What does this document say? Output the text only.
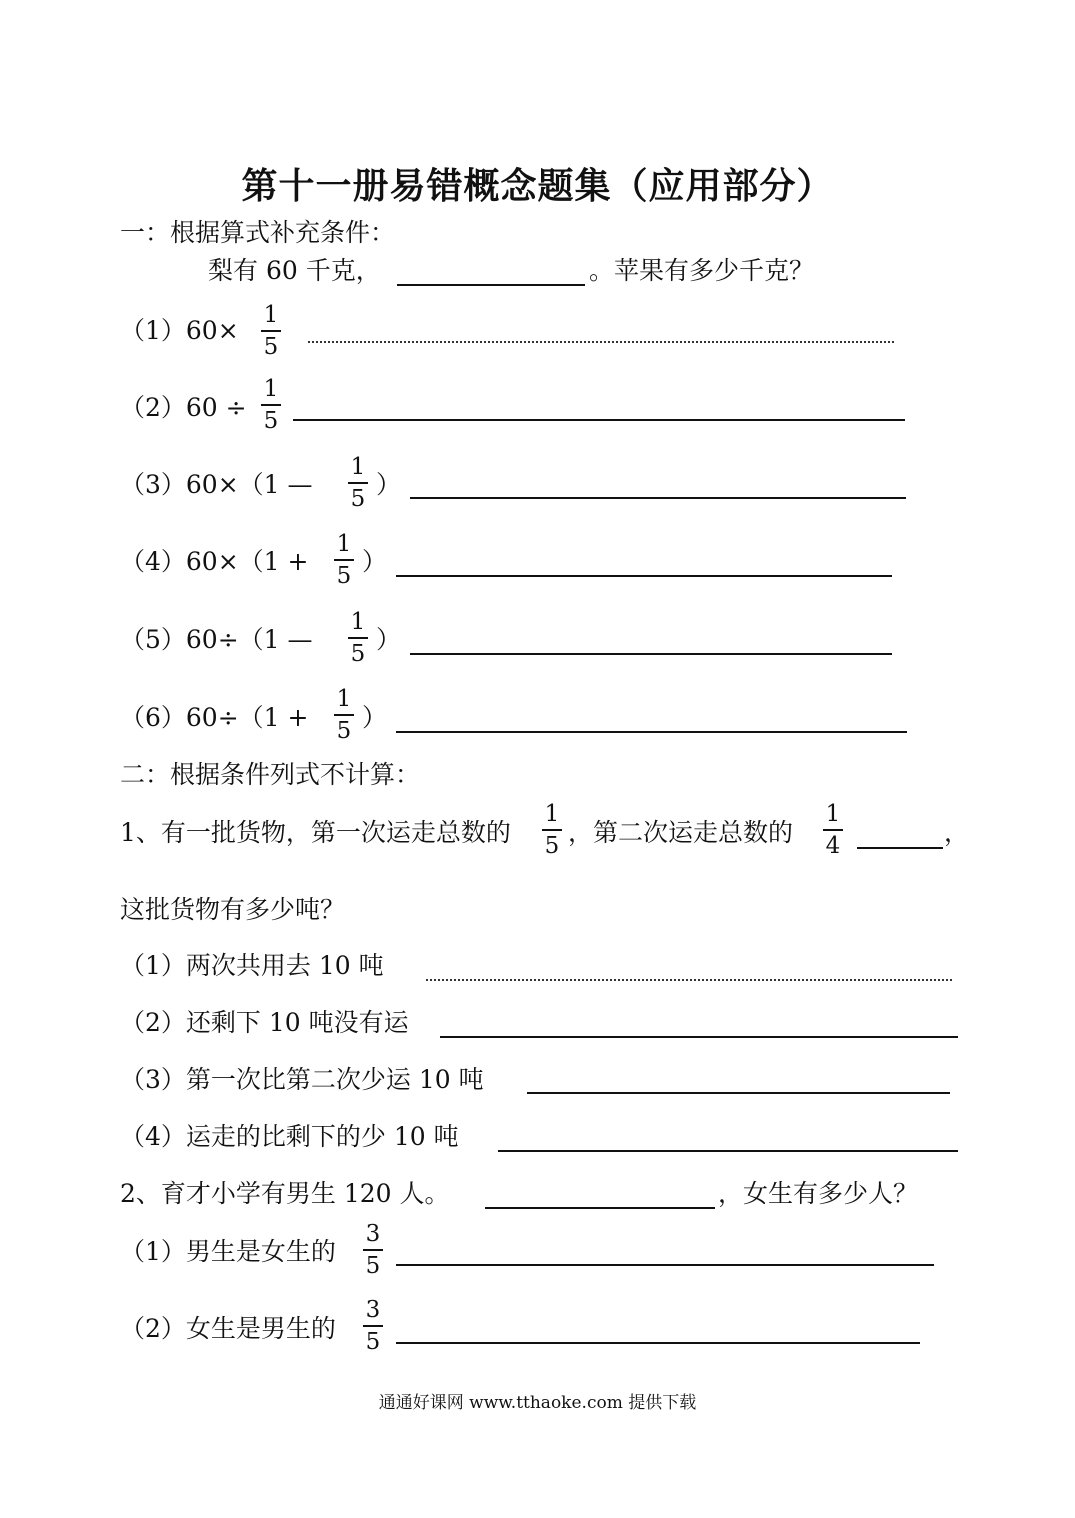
第十一册易错概念题集（应用部分）
一：根据算式补充条件：
梨有 60 千克，	。苹果有多少千克？
（1）60×
1
5
（2）60 ÷
1
5
（3）60×（1 —
1
5 ）
（4）60×（1 +
1
5 ）
（5）60÷（1 —
1
5 ）
（6）60÷（1 +
1
5 ）
二：根据条件列式不计算：
1、有一批货物，第一次运走总数的
1
5 ，第二次运走总数的
1
4	，
这批货物有多少吨？
（1）两次共用去 10 吨
（2）还剩下 10 吨没有运
（3）第一次比第二次少运 10 吨
（4）运走的比剩下的少 10 吨
2、育才小学有男生 120 人。	，女生有多少人？
（1）男生是女生的
3
5
（2）女生是男生的
3
5
通通好课网 www.tthaoke.com 提供下载
